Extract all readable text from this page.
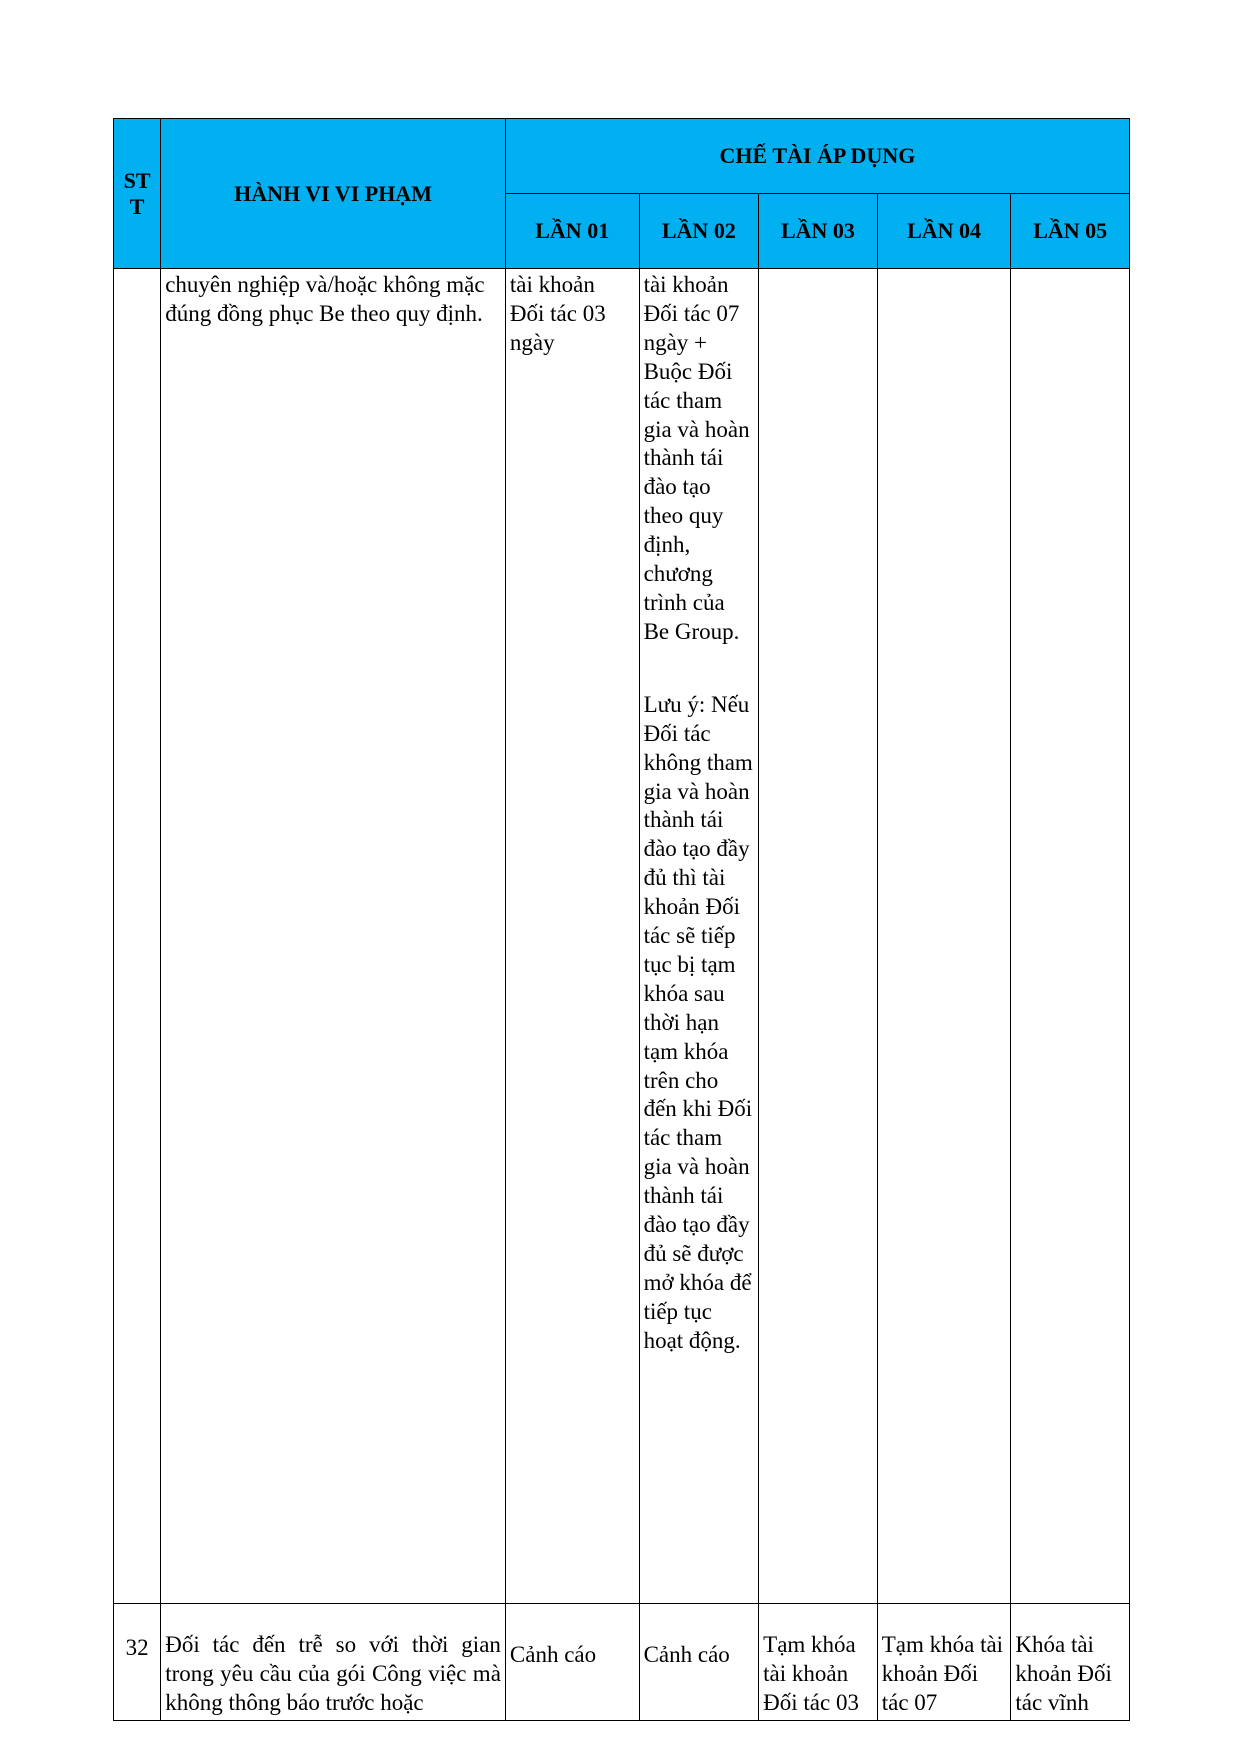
ST T	HÀNH VI VI PHẠM	CHẾ TÀI ÁP DỤNG				
		LẦN 01	LẦN 02	LẦN 03	LẦN 04	LẦN 05

	chuyên nghiệp và/hoặc không mặc đúng đồng phục Be theo quy định.	tài khoản Đối tác 03 ngày	tài khoản Đối tác 07 ngày + Buộc Đối tác tham gia và hoàn thành tái đào tạo theo quy định, chương trình của Be Group.
Lưu ý: Nếu Đối tác không tham gia và hoàn thành tái đào tạo đầy đủ thì tài khoản Đối tác sẽ tiếp tục bị tạm khóa sau thời hạn tạm khóa trên cho đến khi Đối tác tham gia và hoàn thành tái đào tạo đầy đủ sẽ được mở khóa để tiếp tục hoạt động.			

32	Đối tác đến trễ so với thời gian trong yêu cầu của gói Công việc mà không thông báo trước hoặc	Cảnh cáo	Cảnh cáo	Tạm khóa tài khoản Đối tác 03	Tạm khóa tài khoản Đối tác 07	Khóa tài khoản Đối tác vĩnh
